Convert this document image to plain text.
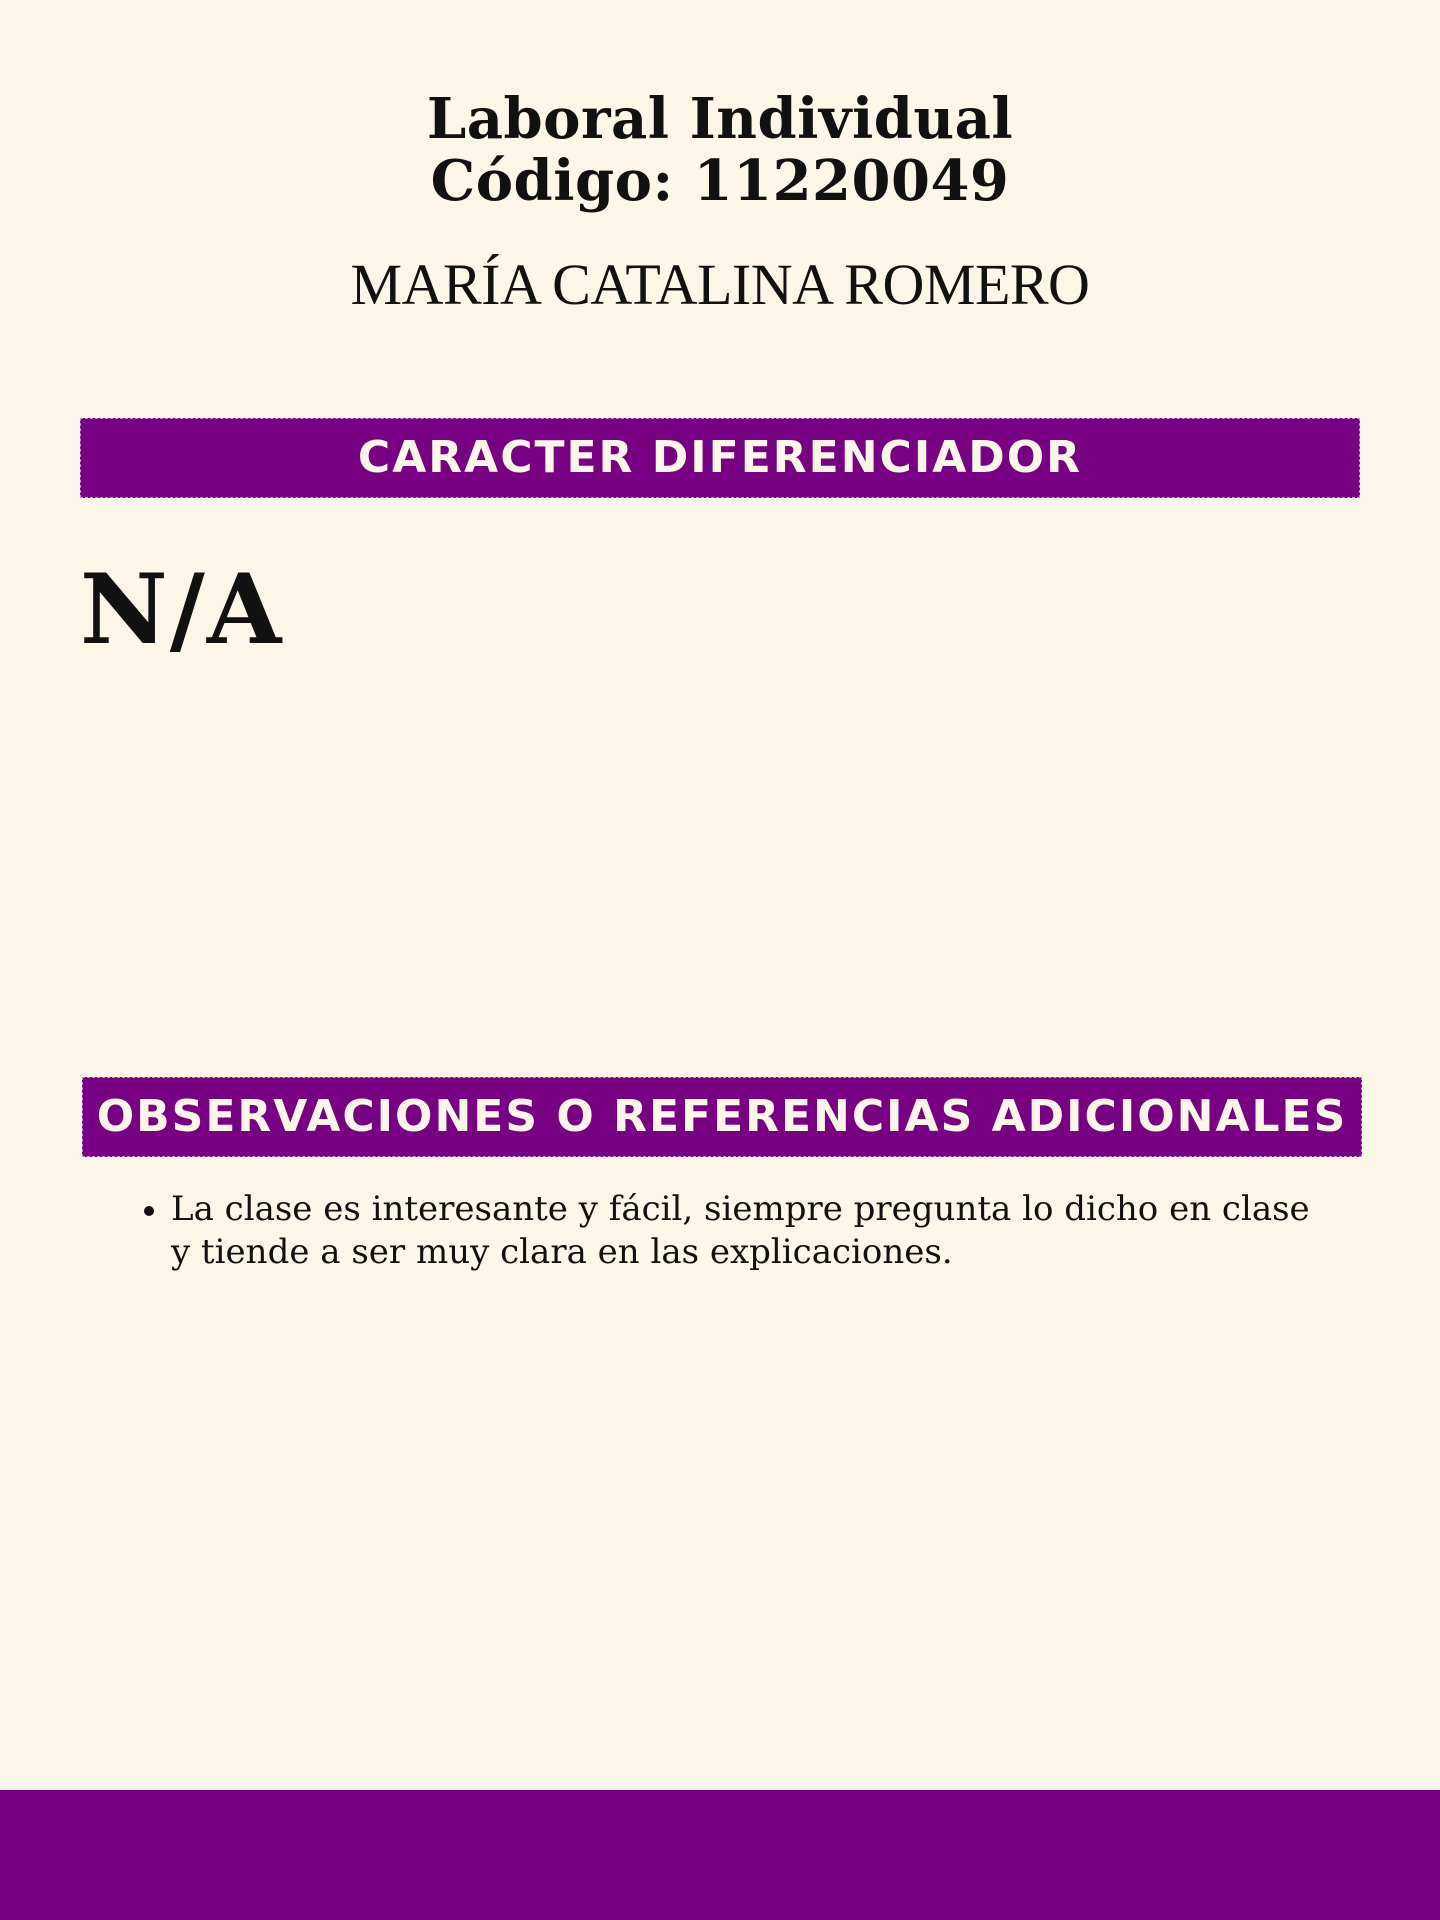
Laboral Individual
Código: 11220049
MARÍA CATALINA ROMERO
CARACTER DIFERENCIADOR
N/A
OBSERVACIONES O REFERENCIAS ADICIONALES
La clase es interesante y fácil, siempre pregunta lo dicho en clase y tiende a ser muy clara en las explicaciones.
